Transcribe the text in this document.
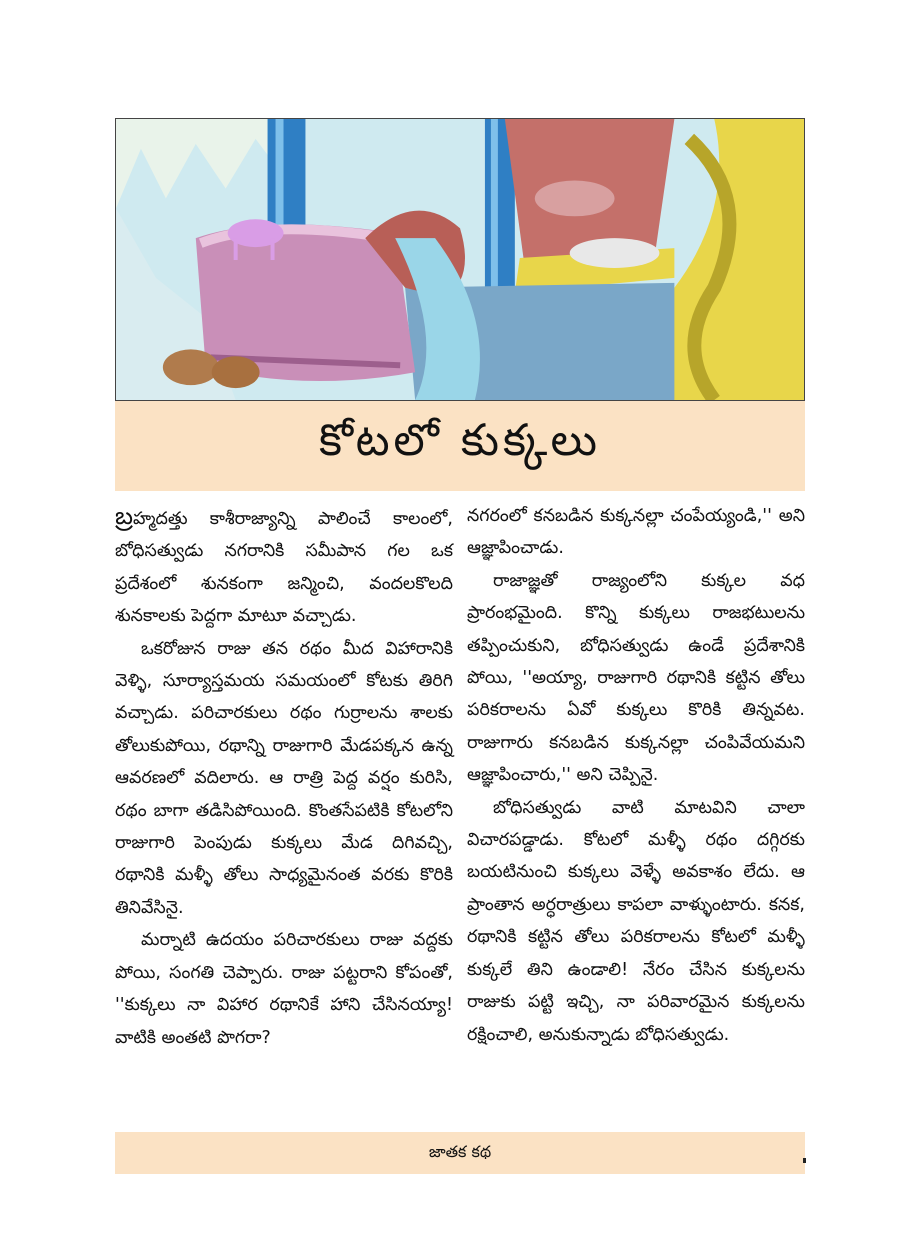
కోటలో కుక్కలు

బ్రహ్మదత్తు కాశీరాజ్యాన్ని పాలించే కాలంలో, బోధిసత్వుడు నగరానికి సమీపాన గల ఒక ప్రదేశంలో శునకంగా జన్మించి, వందలకొలది శునకాలకు పెద్దగా మాటూ వచ్చాడు.

ఒకరోజున రాజు తన రథం మీద విహారానికి వెళ్ళి, సూర్యాస్తమయ సమయంలో కోటకు తిరిగి వచ్చాడు. పరిచారకులు రథం గుర్రాలను శాలకు తోలుకుపోయి, రథాన్ని రాజుగారి మేడపక్కన ఉన్న ఆవరణలో వదిలారు. ఆ రాత్రి పెద్ద వర్షం కురిసి, రథం బాగా తడిసిపోయింది. కొంతసేపటికి కోటలోని రాజుగారి పెంపుడు కుక్కలు మేడ దిగివచ్చి, రథానికి మళ్ళీ తోలు సాధ్యమైనంత వరకు కొరికి తినివేసినై.

మర్నాటి ఉదయం పరిచారకులు రాజు వద్దకు పోయి, సంగతి చెప్పారు. రాజు పట్టరాని కోపంతో, ''కుక్కలు నా విహార రథానికే హాని చేసినయ్యా! వాటికి అంతటి పొగరా?

నగరంలో కనబడిన కుక్కనల్లా చంపేయ్యండి,'' అని ఆజ్ఞాపించాడు.

రాజాజ్ఞతో రాజ్యంలోని కుక్కల వధ ప్రారంభమైంది. కొన్ని కుక్కలు రాజభటులను తప్పించుకుని, బోధిసత్వుడు ఉండే ప్రదేశానికి పోయి, ''అయ్యా, రాజుగారి రథానికి కట్టిన తోలు పరికరాలను ఏవో కుక్కలు కొరికి తిన్నవట. రాజుగారు కనబడిన కుక్కనల్లా చంపివేయమని ఆజ్ఞాపించారు,'' అని చెప్పినై.

బోధిసత్వుడు వాటి మాటవిని చాలా విచారపడ్డాడు. కోటలో మళ్ళీ రథం దగ్గిరకు బయటినుంచి కుక్కలు వెళ్ళే అవకాశం లేదు. ఆ ప్రాంతాన అర్ధరాత్రులు కాపలా వాళ్ళుంటారు. కనక, రథానికి కట్టిన తోలు పరికరాలను కోటలో మళ్ళీ కుక్కలే తిని ఉండాలి! నేరం చేసిన కుక్కలను రాజుకు పట్టి ఇచ్చి, నా పరివారమైన కుక్కలను రక్షించాలి, అనుకున్నాడు బోధిసత్వుడు.

జాతక కథ
